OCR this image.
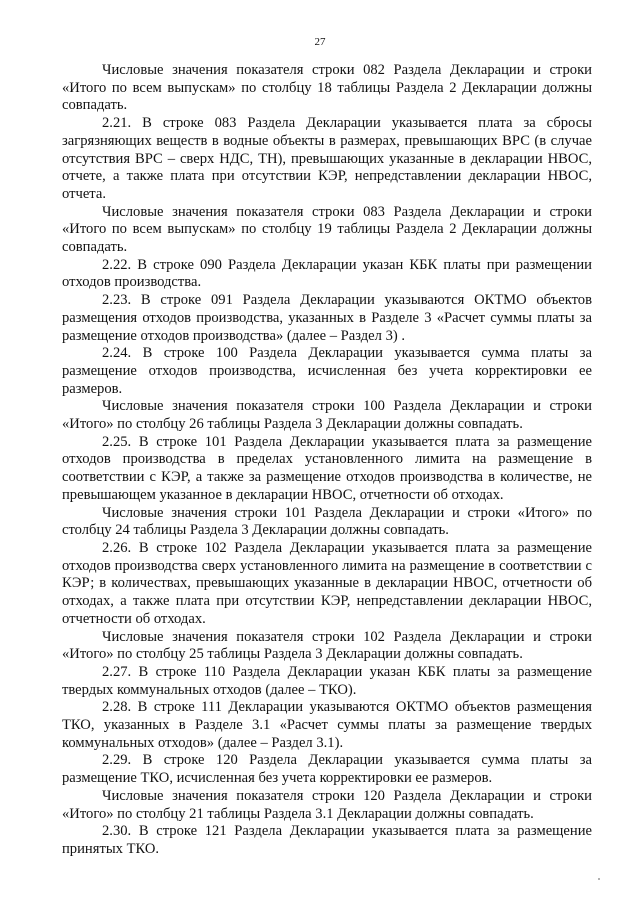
27

Числовые значения показателя строки 082 Раздела Декларации и строки «Итого по всем выпускам» по столбцу 18 таблицы Раздела 2 Декларации должны совпадать.

2.21. В строке 083 Раздела Декларации указывается плата за сбросы загрязняющих веществ в водные объекты в размерах, превышающих ВРС (в случае отсутствия ВРС – сверх НДС, ТН), превышающих указанные в декларации НВОС, отчете, а также плата при отсутствии КЭР, непредставлении декларации НВОС, отчета.

Числовые значения показателя строки 083 Раздела Декларации и строки «Итого по всем выпускам» по столбцу 19 таблицы Раздела 2 Декларации должны совпадать.

2.22. В строке 090 Раздела Декларации указан КБК платы при размещении отходов производства.

2.23. В строке 091 Раздела Декларации указываются ОКТМО объектов размещения отходов производства, указанных в Разделе 3 «Расчет суммы платы за размещение отходов производства» (далее – Раздел 3) .

2.24. В строке 100 Раздела Декларации указывается сумма платы за размещение отходов производства, исчисленная без учета корректировки ее размеров.

Числовые значения показателя строки 100 Раздела Декларации и строки «Итого» по столбцу 26 таблицы Раздела 3 Декларации должны совпадать.

2.25. В строке 101 Раздела Декларации указывается плата за размещение отходов производства в пределах установленного лимита на размещение в соответствии с КЭР, а также за размещение отходов производства в количестве, не превышающем указанное в декларации НВОС, отчетности об отходах.

Числовые значения строки 101 Раздела Декларации и строки «Итого» по столбцу 24 таблицы Раздела 3 Декларации должны совпадать.

2.26. В строке 102 Раздела Декларации указывается плата за размещение отходов производства сверх установленного лимита на размещение в соответствии с КЭР; в количествах, превышающих указанные в декларации НВОС, отчетности об отходах, а также плата при отсутствии КЭР, непредставлении декларации НВОС, отчетности об отходах.

Числовые значения показателя строки 102 Раздела Декларации и строки «Итого» по столбцу 25 таблицы Раздела 3 Декларации должны совпадать.

2.27. В строке 110 Раздела Декларации указан КБК платы за размещение твердых коммунальных отходов (далее – ТКО).

2.28. В строке 111 Декларации указываются ОКТМО объектов размещения ТКО, указанных в Разделе 3.1 «Расчет суммы платы за размещение твердых коммунальных отходов» (далее – Раздел 3.1).

2.29. В строке 120 Раздела Декларации указывается сумма платы за размещение ТКО, исчисленная без учета корректировки ее размеров.

Числовые значения показателя строки 120 Раздела Декларации и строки «Итого» по столбцу 21 таблицы Раздела 3.1 Декларации должны совпадать.

2.30. В строке 121 Раздела Декларации указывается плата за размещение принятых ТКО.
